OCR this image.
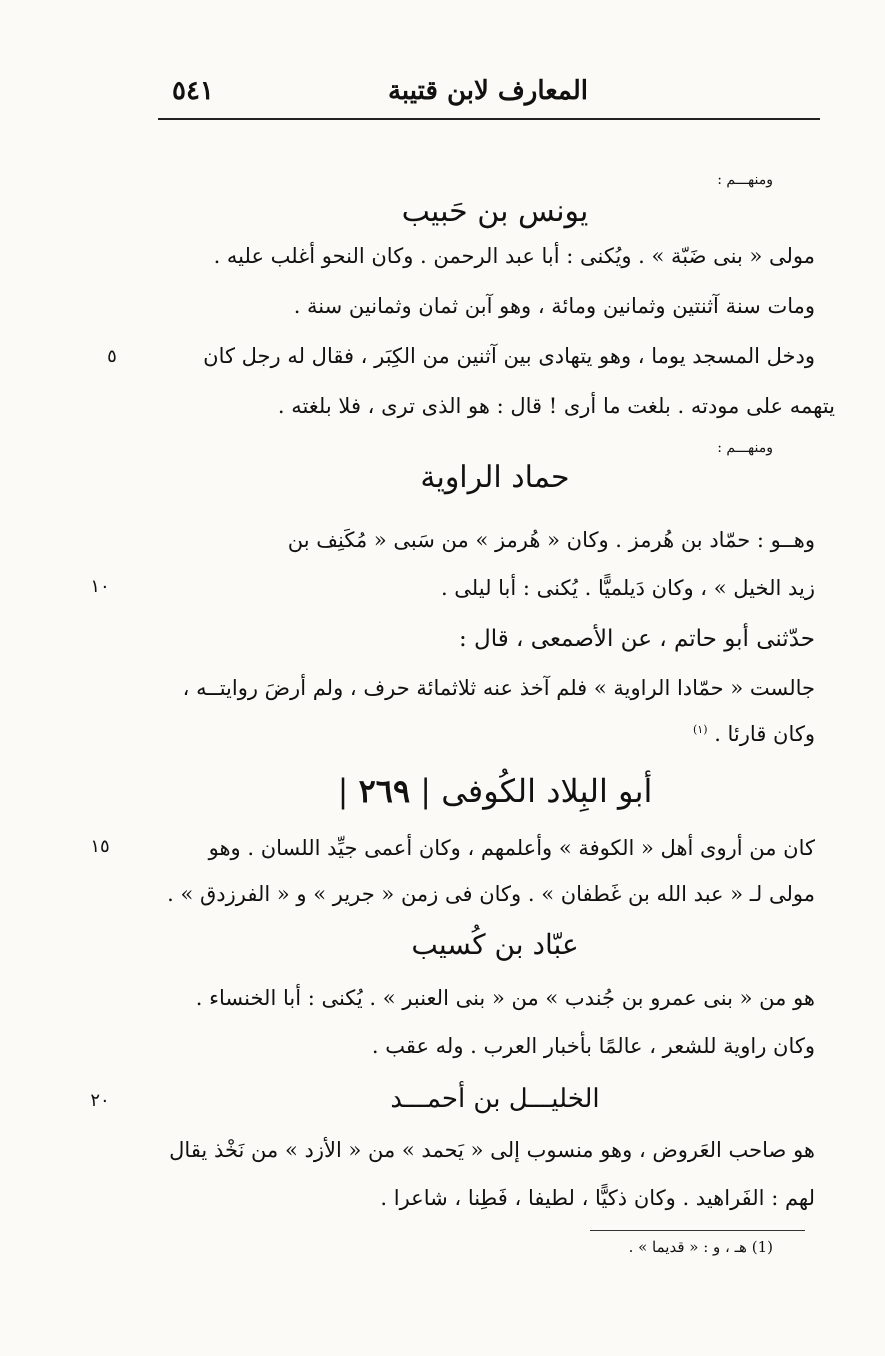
٥٤١	المعارف لابن قتيبة
ومنهـــم :
يونس بن حَبيب
مولى « بنى ضَبّة » . ويُكنى : أبا عبد الرحمن . وكان النحو أغلب عليه .
ومات سنة آثنتين وثمانين ومائة ، وهو آبن ثمان وثمانين سنة .
ودخل المسجد يوما ، وهو يتهادى بين آثنين من الكِبَر ، فقال له رجل كان
٥
يتهمه على مودته . بلغت ما أرى ! قال : هو الذى ترى ، فلا بلغته .
ومنهـــم :
حماد الراوية
وهــو : حمّاد بن هُرمز . وكان « هُرمز » من سَبى « مُكَنِف بن
زيد الخيل » ، وكان دَيلميًّا . يُكنى : أبا ليلى .
١٠
حدّثنى أبو حاتم ، عن الأصمعى ، قال :
جالست « حمّادا الراوية » فلم آخذ عنه ثلاثمائة حرف ، ولم أرضَ روايتــه ،
وكان قارئا . $^{(١)}$
أبو البِلاد الكُوفى | ٢٦٩ |
كان من أروى أهل « الكوفة » وأعلمهم ، وكان أعمى جيِّد اللسان . وهو
١٥
مولى لـ « عبد الله بن غَطفان » . وكان فى زمن « جرير » و « الفرزدق » .
عبّاد بن كُسيب
هو من « بنى عمرو بن جُندب » من « بنى العنبر » . يُكنى : أبا الخنساء .
وكان راوية للشعر ، عالمًا بأخبار العرب . وله عقب .
الخليـــل بن أحمـــد
٢٠
هو صاحب العَروض ، وهو منسوب إلى « يَحمد » من « الأزد » من نَخْذ يقال
لهم : الفَراهيد . وكان ذكيًّا ، لطيفا ، فَطِنا ، شاعرا .
(1) هـ ، و : « قديما » .
